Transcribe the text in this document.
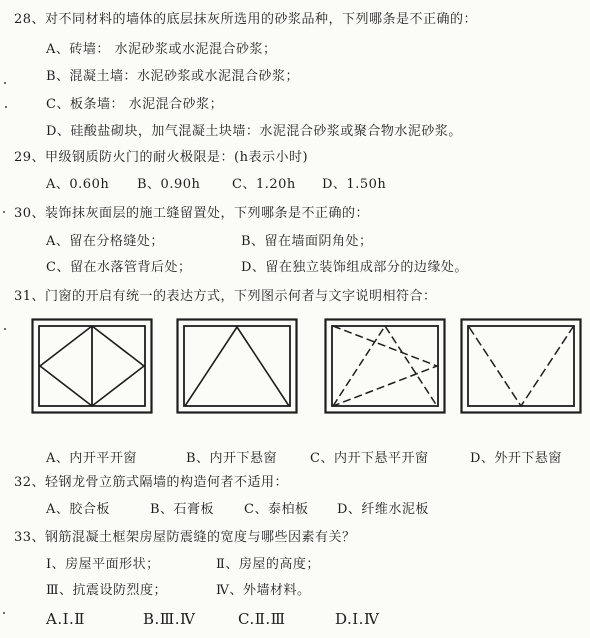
28、对不同材料的墙体的底层抹灰所选用的砂浆品种，下列哪条是不正确的：
A、砖墙： 水泥砂浆或水泥混合砂浆；
B、混凝土墙：水泥砂浆或水泥混合砂浆；
C、板条墙： 水泥混合砂浆；
D、硅酸盐砌块，加气混凝土块墙：水泥混合砂浆或聚合物水泥砂浆。
29、甲级钢质防火门的耐火极限是：(h表示小时)
A、0.60h B、0.90h C、1.20h D、1.50h
30、装饰抹灰面层的施工缝留置处，下列哪条是不正确的：
A、留在分格缝处；	B、留在墙面阴角处；
C、留在水落管背后处；	D、留在独立装饰组成部分的边缘处。
31、门窗的开启有统一的表达方式，下列图示何者与文字说明相符合：
A、内开平开窗	B、内开下悬窗	C、内开下悬平开窗	D、外开下悬窗
32、轻钢龙骨立筋式隔墙的构造何者不适用：
A、胶合板	B、石膏板 C、泰柏板 D、纤维水泥板
33、钢筋混凝土框架房屋防震缝的宽度与哪些因素有关？
Ⅰ、房屋平面形状；	Ⅱ、房屋的高度；
Ⅲ、抗震设防烈度；	Ⅳ、外墙材料。
A.Ⅰ.Ⅱ	B.Ⅲ.Ⅳ	C.Ⅱ.Ⅲ	D.Ⅰ.Ⅳ
